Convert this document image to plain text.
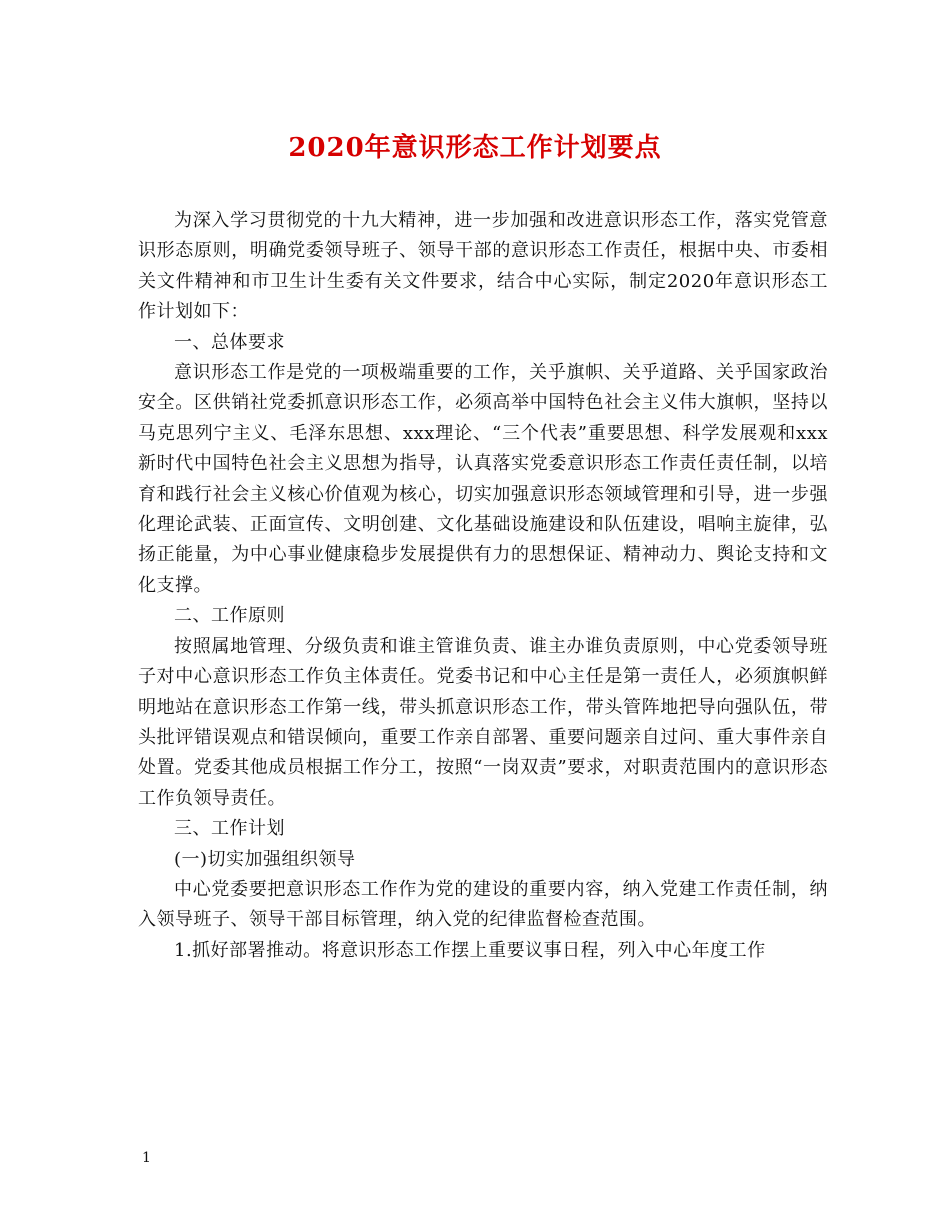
2020年意识形态工作计划要点

为深入学习贯彻党的十九大精神，进一步加强和改进意识形态工作，落实党管意识形态原则，明确党委领导班子、领导干部的意识形态工作责任，根据中央、市委相关文件精神和市卫生计生委有关文件要求，结合中心实际，制定2020年意识形态工作计划如下：

一、总体要求

意识形态工作是党的一项极端重要的工作，关乎旗帜、关乎道路、关乎国家政治安全。区供销社党委抓意识形态工作，必须高举中国特色社会主义伟大旗帜，坚持以马克思列宁主义、毛泽东思想、xxx理论、“三个代表”重要思想、科学发展观和xxx新时代中国特色社会主义思想为指导，认真落实党委意识形态工作责任责任制，以培育和践行社会主义核心价值观为核心，切实加强意识形态领域管理和引导，进一步强化理论武装、正面宣传、文明创建、文化基础设施建设和队伍建设，唱响主旋律，弘扬正能量，为中心事业健康稳步发展提供有力的思想保证、精神动力、舆论支持和文化支撑。

二、工作原则

按照属地管理、分级负责和谁主管谁负责、谁主办谁负责原则，中心党委领导班子对中心意识形态工作负主体责任。党委书记和中心主任是第一责任人，必须旗帜鲜明地站在意识形态工作第一线，带头抓意识形态工作，带头管阵地把导向强队伍，带头批评错误观点和错误倾向，重要工作亲自部署、重要问题亲自过问、重大事件亲自处置。党委其他成员根据工作分工，按照“一岗双责”要求，对职责范围内的意识形态工作负领导责任。

三、工作计划

(一)切实加强组织领导

中心党委要把意识形态工作作为党的建设的重要内容，纳入党建工作责任制，纳入领导班子、领导干部目标管理，纳入党的纪律监督检查范围。

1.抓好部署推动。将意识形态工作摆上重要议事日程，列入中心年度工作

1
